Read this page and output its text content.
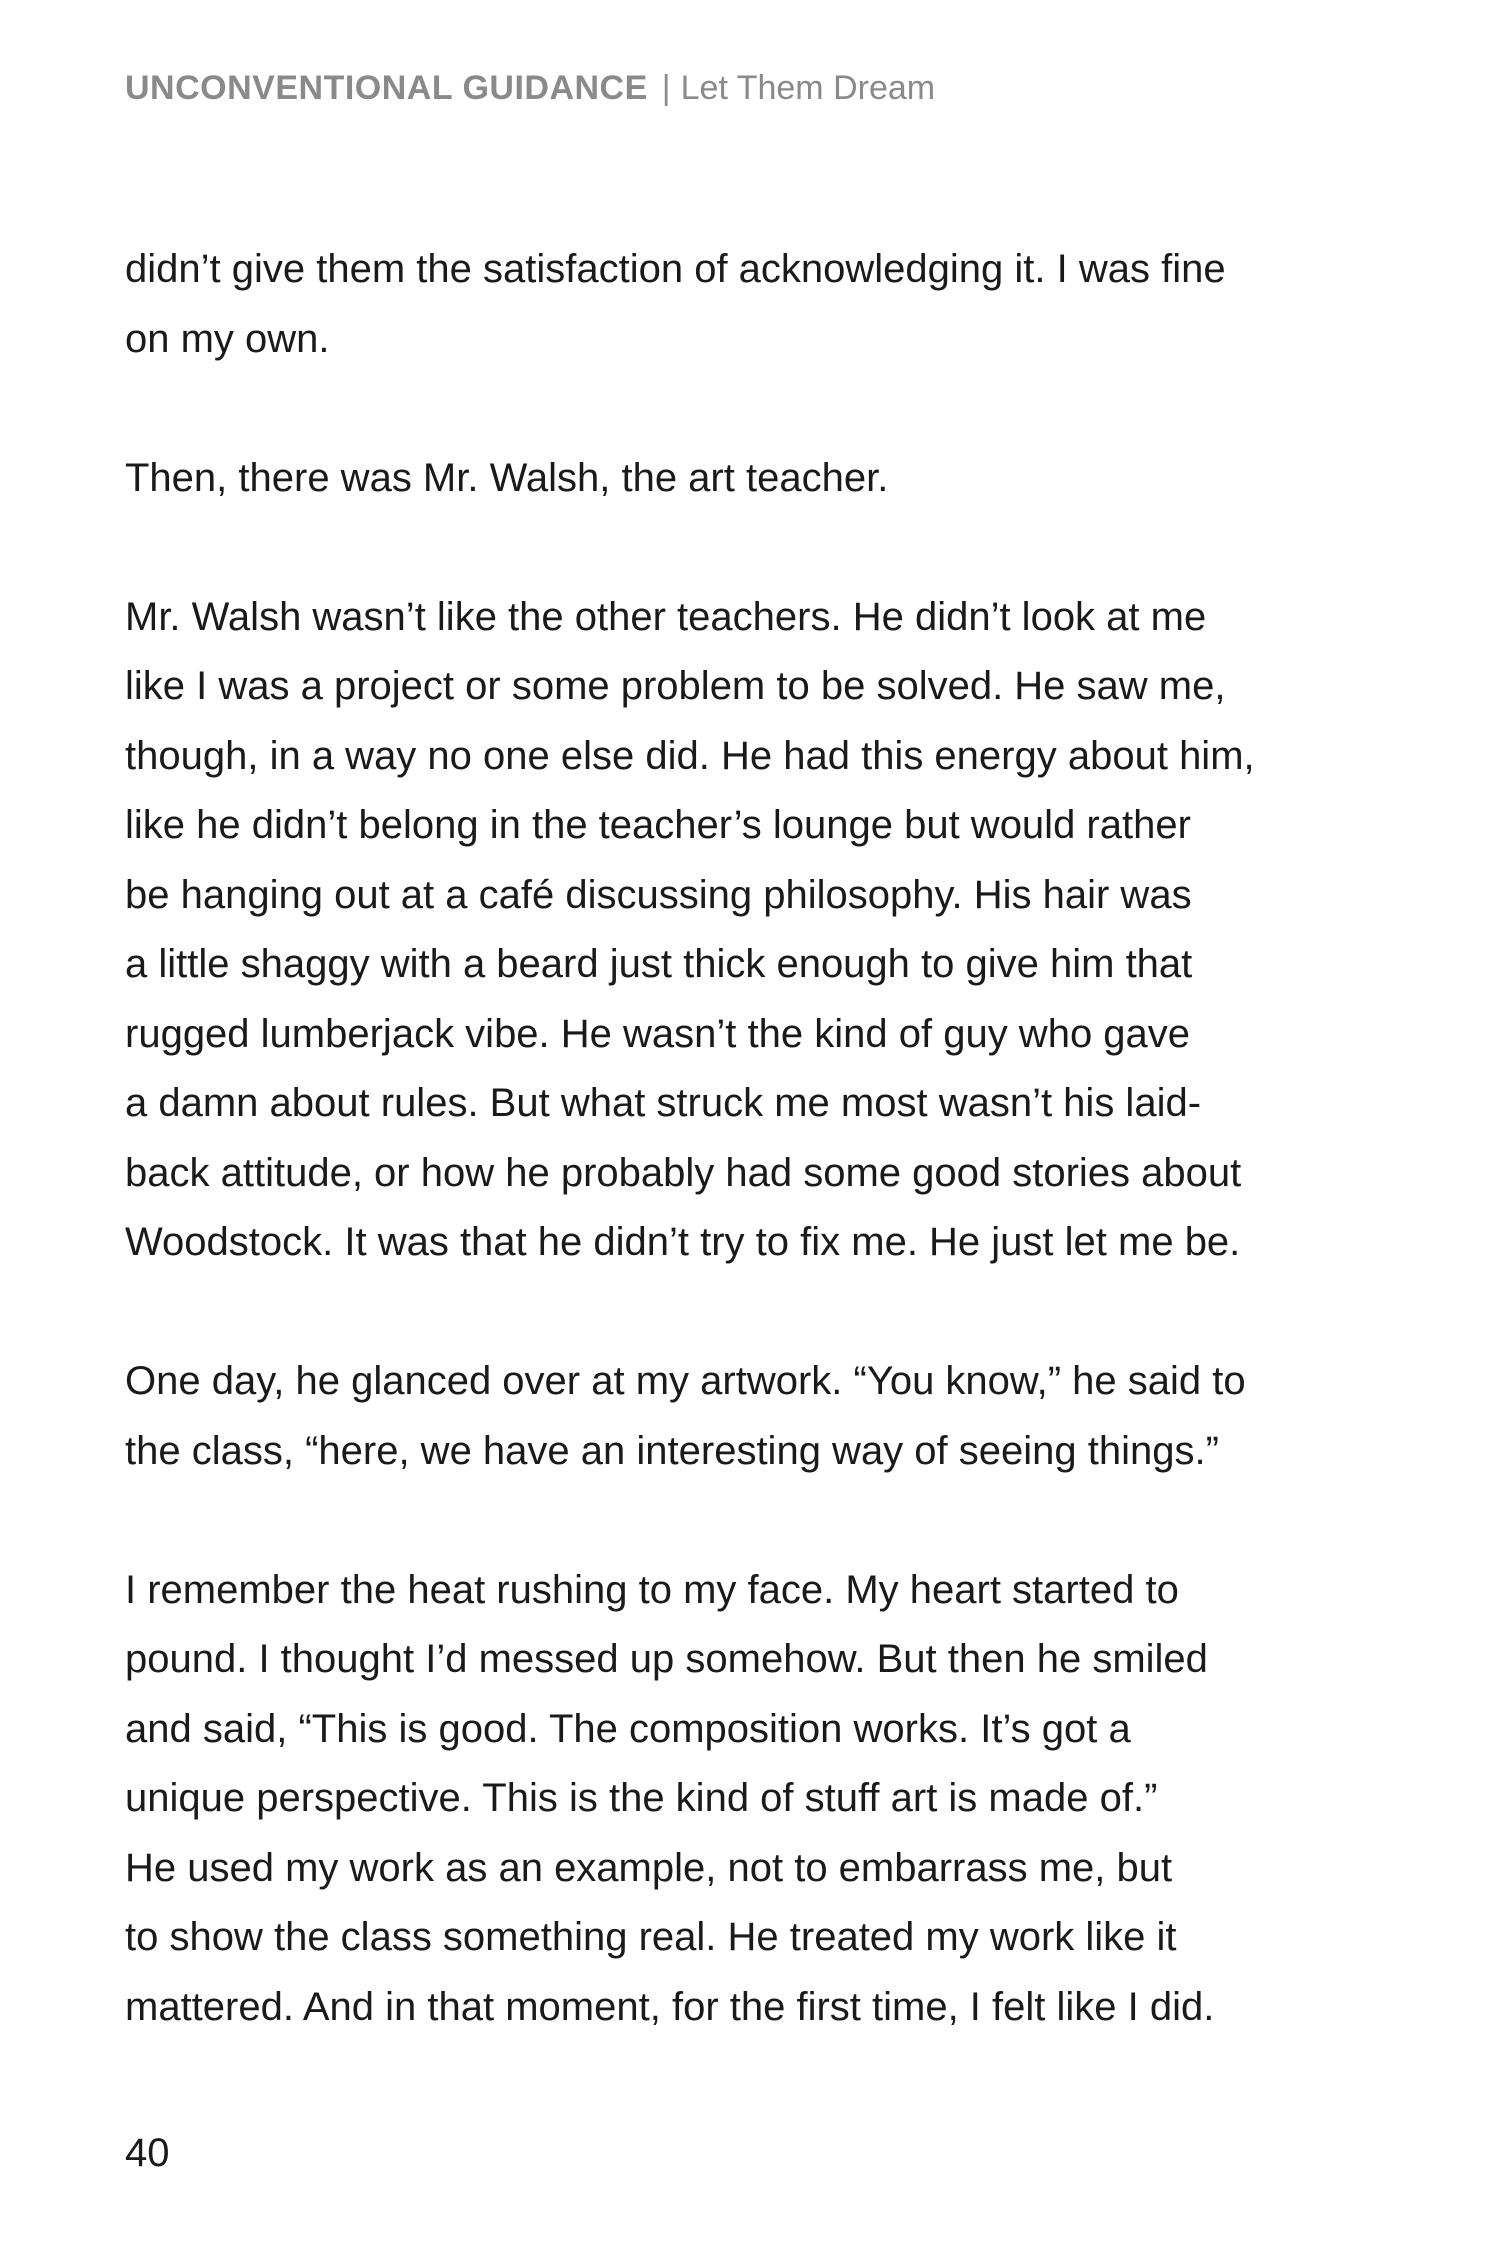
UNCONVENTIONAL GUIDANCE | Let Them Dream
didn’t give them the satisfaction of acknowledging it. I was fine
on my own.
Then, there was Mr. Walsh, the art teacher.
Mr. Walsh wasn’t like the other teachers. He didn’t look at me
like I was a project or some problem to be solved. He saw me,
though, in a way no one else did. He had this energy about him,
like he didn’t belong in the teacher’s lounge but would rather
be hanging out at a café discussing philosophy. His hair was
a little shaggy with a beard just thick enough to give him that
rugged lumberjack vibe. He wasn’t the kind of guy who gave
a damn about rules. But what struck me most wasn’t his laid-
back attitude, or how he probably had some good stories about
Woodstock. It was that he didn’t try to fix me. He just let me be.
One day, he glanced over at my artwork. “You know,” he said to
the class, “here, we have an interesting way of seeing things.”
I remember the heat rushing to my face. My heart started to
pound. I thought I’d messed up somehow. But then he smiled
and said, “This is good. The composition works. It’s got a
unique perspective. This is the kind of stuff art is made of.”
He used my work as an example, not to embarrass me, but
to show the class something real. He treated my work like it
mattered. And in that moment, for the first time, I felt like I did.
40
